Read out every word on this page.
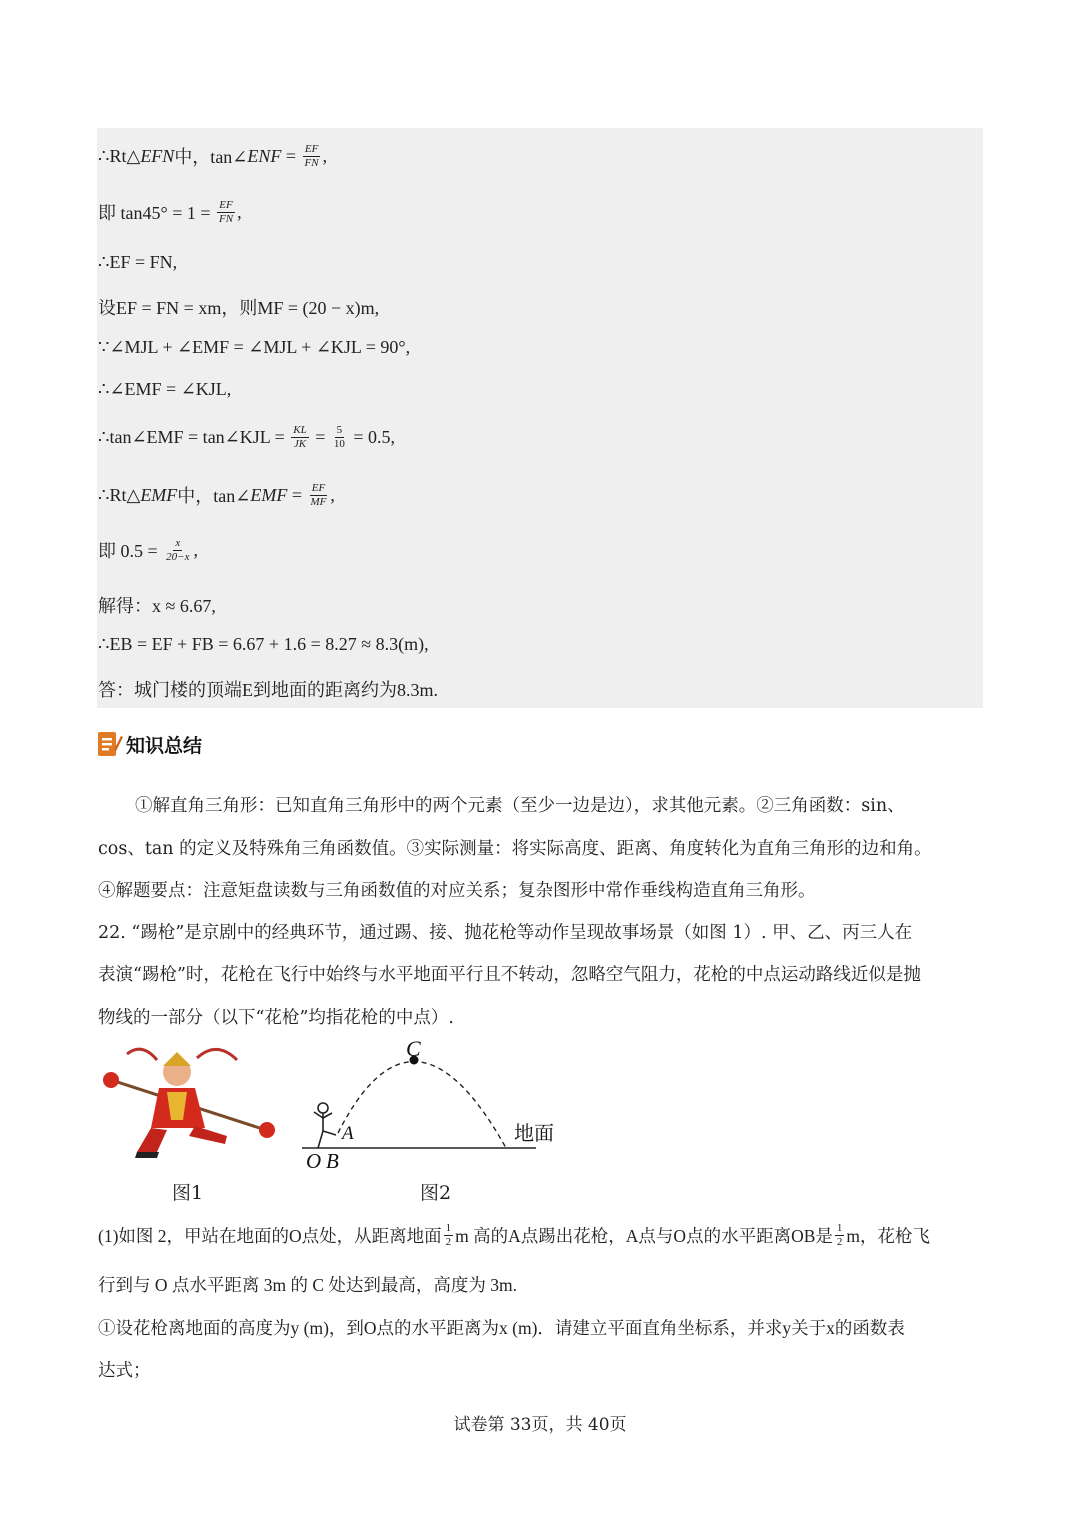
∴Rt△ EFN 中，tan∠ ENF = $\frac{EF}{FN}$ ,
即 $\tan 45^\circ = 1 = \frac{EF}{FN}$ ,
∴EF = FN,
设EF = FN = xm，则MF = (20 − x)m,
∵∠MJL + ∠EMF = ∠MJL + ∠KJL = 90°,
∴∠EMF = ∠KJL,
∴tan∠EMF = tan∠KJL = $\frac{KL}{JK} = \frac{5}{10} = 0.5$,
∴Rt△ EMF 中，tan∠ EMF = $\frac{EF}{MF}$ ,
即 $0.5 = \frac{x}{20-x}$ ,
解得：x ≈ 6.67,
∴EB = EF + FB = 6.67 + 1.6 = 8.27 ≈ 8.3(m),
答：城门楼的顶端E到地面的距离约为8.3m.
知识总结
①解直角三角形：已知直角三角形中的两个元素（至少一边是边），求其他元素。②三角函数：sin、
cos、tan 的定义及特殊角三角函数值。③实际测量：将实际高度、距离、角度转化为直角三角形的边和角。
④解题要点：注意矩盘读数与三角函数值的对应关系；复杂图形中常作垂线构造直角三角形。
22. “踢枪”是京剧中的经典环节，通过踢、接、抛花枪等动作呈现故事场景（如图 1）. 甲、乙、丙三人在
表演“踢枪”时，花枪在飞行中始终与水平地面平行且不转动，忽略空气阻力，花枪的中点运动路线近似是抛
物线的一部分（以下“花枪”均指花枪的中点）.
C
A
O B
地面
图1	图2
(1)如图 2，甲站在地面的O点处，从距离地面 $\frac{1}{2}$ m 高的A点踢出花枪，A点与O点的水平距离OB是 $\frac{1}{2}$ m，花枪飞
行到与 O 点水平距离 3m 的 C 处达到最高，高度为 3m.
①设花枪离地面的高度为y (m)，到O点的水平距离为x (m)．请建立平面直角坐标系，并求y关于x的函数表
达式；
试卷第 33页，共 40页
